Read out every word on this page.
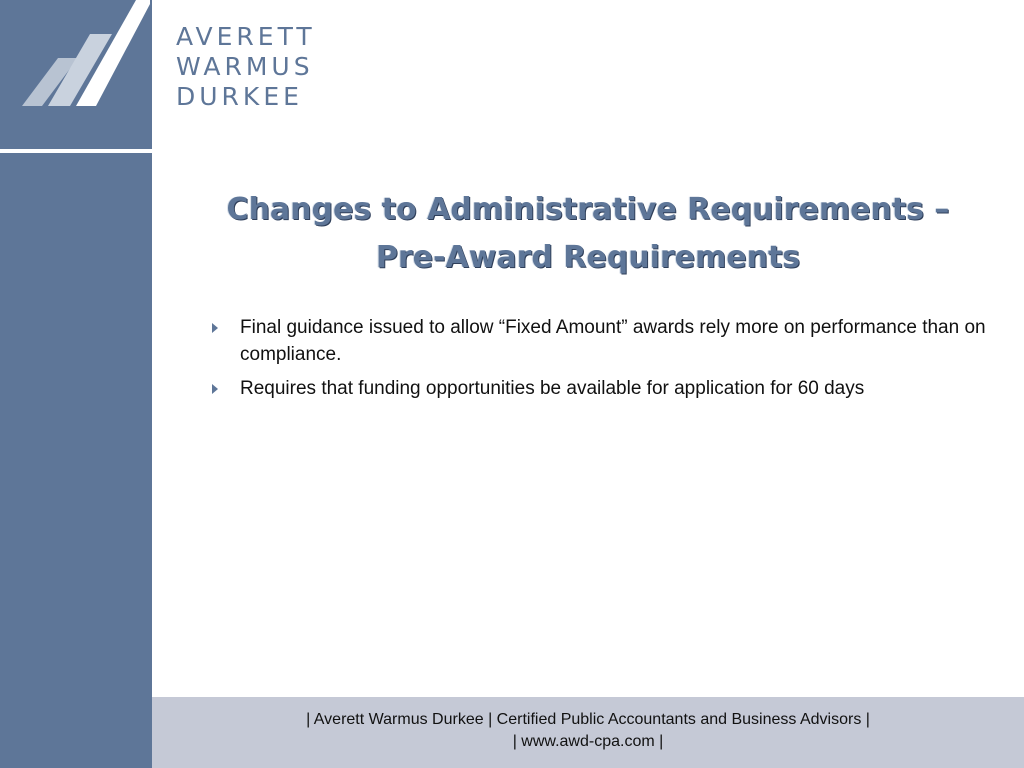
AVERETT
WARMUS
DURKEE
Changes to Administrative Requirements –
Pre-Award Requirements
Final guidance issued to allow “Fixed Amount” awards rely more on performance than on compliance.
Requires that funding opportunities be available for application for 60 days
| Averett Warmus Durkee | Certified Public Accountants and Business Advisors |
| www.awd-cpa.com |
